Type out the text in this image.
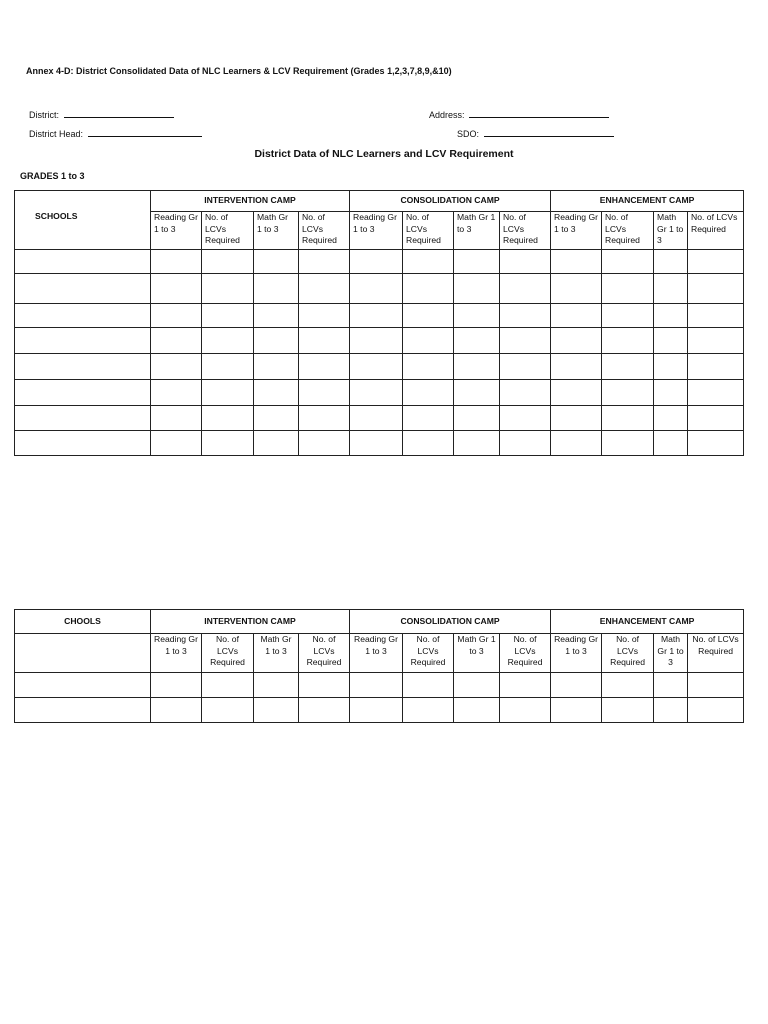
Annex 4-D: District Consolidated Data of NLC Learners & LCV Requirement (Grades 1,2,3,7,8,9,&10)
District:	Address:
District Head:	SDO:
District Data of NLC Learners and LCV Requirement
GRADES 1 to 3
SCHOOLS	INTERVENTION CAMP				CONSOLIDATION CAMP				ENHANCEMENT CAMP			
	Reading Gr 1 to 3	No. of LCVs Required	Math Gr 1 to 3	No. of LCVs Required	Reading Gr 1 to 3	No. of LCVs Required	Math Gr 1 to 3	No. of LCVs Required	Reading Gr 1 to 3	No. of LCVs Required	Math Gr 1 to 3	No. of LCVs Required

CHOOLS	INTERVENTION CAMP				CONSOLIDATION CAMP				ENHANCEMENT CAMP			
	Reading Gr 1 to 3	No. of LCVs Required	Math Gr 1 to 3	No. of LCVs Required	Reading Gr 1 to 3	No. of LCVs Required	Math Gr 1 to 3	No. of LCVs Required	Reading Gr 1 to 3	No. of LCVs Required	Math Gr 1 to 3	No. of LCVs Required
